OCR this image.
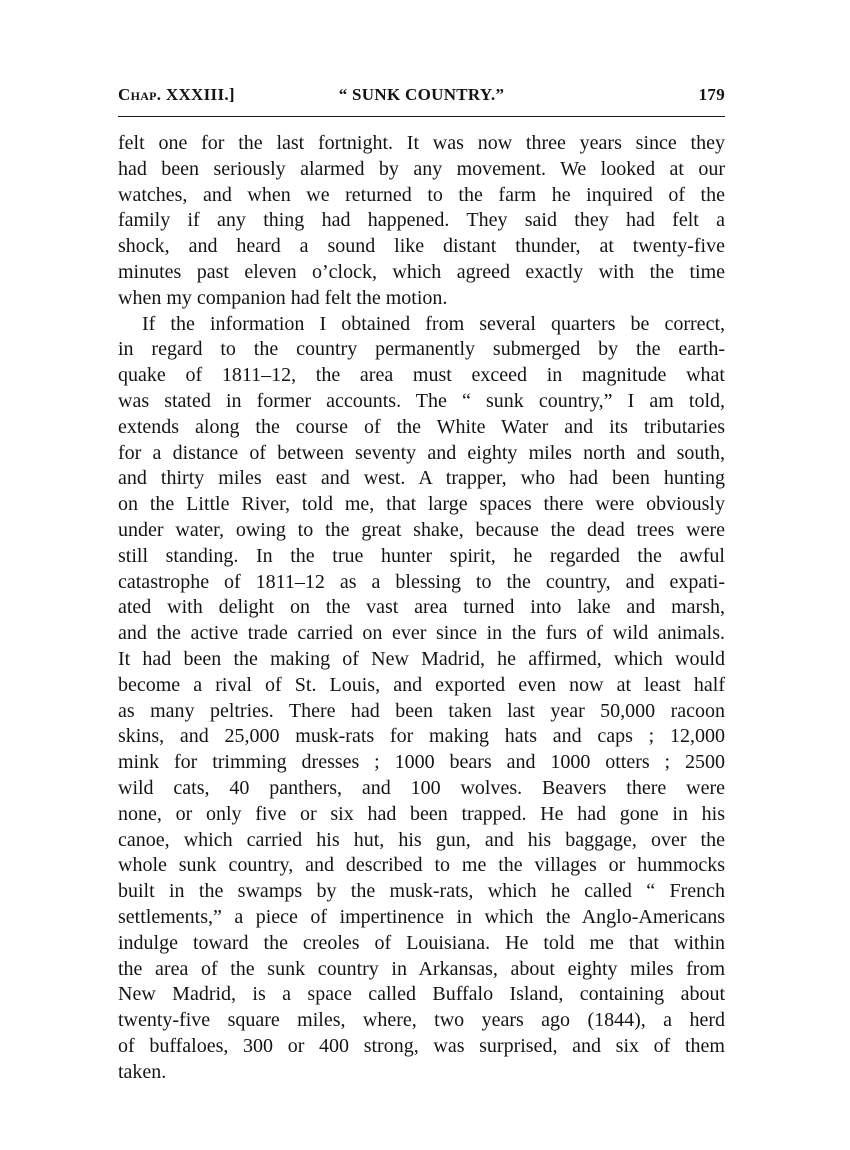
Chap. XXXIII.]	“ SUNK COUNTRY.”	179
felt one for the last fortnight. It was now three years since they
had been seriously alarmed by any movement. We looked at our
watches, and when we returned to the farm he inquired of the
family if any thing had happened. They said they had felt a
shock, and heard a sound like distant thunder, at twenty-five
minutes past eleven o’clock, which agreed exactly with the time
when my companion had felt the motion.
If the information I obtained from several quarters be correct,
in regard to the country permanently submerged by the earth-
quake of 1811–12, the area must exceed in magnitude what
was stated in former accounts. The “ sunk country,” I am told,
extends along the course of the White Water and its tributaries
for a distance of between seventy and eighty miles north and south,
and thirty miles east and west. A trapper, who had been hunting
on the Little River, told me, that large spaces there were obviously
under water, owing to the great shake, because the dead trees were
still standing. In the true hunter spirit, he regarded the awful
catastrophe of 1811–12 as a blessing to the country, and expati-
ated with delight on the vast area turned into lake and marsh,
and the active trade carried on ever since in the furs of wild animals.
It had been the making of New Madrid, he affirmed, which would
become a rival of St. Louis, and exported even now at least half
as many peltries. There had been taken last year 50,000 racoon
skins, and 25,000 musk-rats for making hats and caps ; 12,000
mink for trimming dresses ; 1000 bears and 1000 otters ; 2500
wild cats, 40 panthers, and 100 wolves. Beavers there were
none, or only five or six had been trapped. He had gone in his
canoe, which carried his hut, his gun, and his baggage, over the
whole sunk country, and described to me the villages or hummocks
built in the swamps by the musk-rats, which he called “ French
settlements,” a piece of impertinence in which the Anglo-Americans
indulge toward the creoles of Louisiana. He told me that within
the area of the sunk country in Arkansas, about eighty miles from
New Madrid, is a space called Buffalo Island, containing about
twenty-five square miles, where, two years ago (1844), a herd
of buffaloes, 300 or 400 strong, was surprised, and six of them
taken.
